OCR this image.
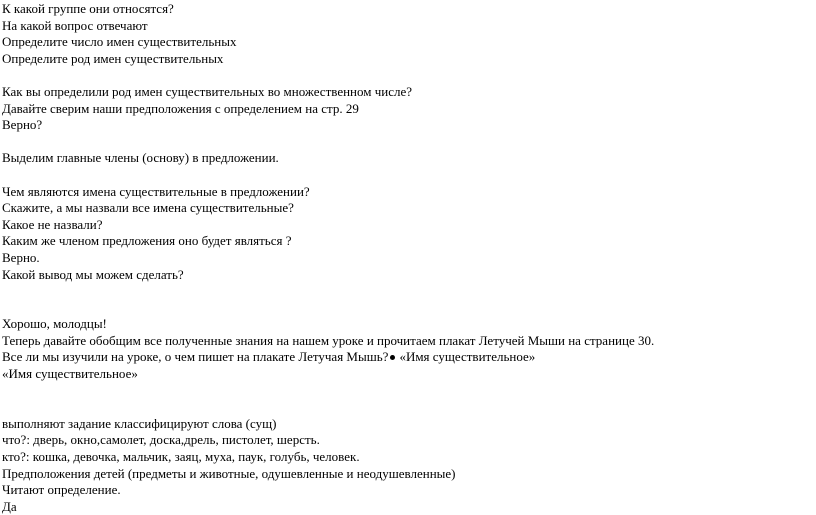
К какой группе они относятся?
На какой вопрос отвечают
Определите число имен существительных
Определите род имен существительных
Как вы определили род имен существительных во множественном числе?
Давайте сверим наши предположения с определением на стр. 29
Верно?
Выделим главные члены (основу) в предложении.
Чем являются имена существительные в предложении?
Скажите, а мы назвали все имена существительные?
Какое не назвали?
Каким же членом предложения оно будет являться ?
Верно.
Какой вывод мы можем сделать?
Хорошо, молодцы!
Теперь давайте обобщим все полученные знания на нашем уроке и прочитаем плакат Летучей Мыши на странице 30.
Все ли мы изучили на уроке, о чем пишет на плакате Летучая Мышь? «Имя существительное»
«Имя существительное»
выполняют задание классифицируют слова (сущ)
что?: дверь, окно,самолет, доска,дрель, пистолет, шерсть.
кто?: кошка, девочка, мальчик, заяц, муха, паук, голубь, человек.
Предположения детей (предметы и животные, одушевленные и неодушевленные)
Читают определение.
Да
